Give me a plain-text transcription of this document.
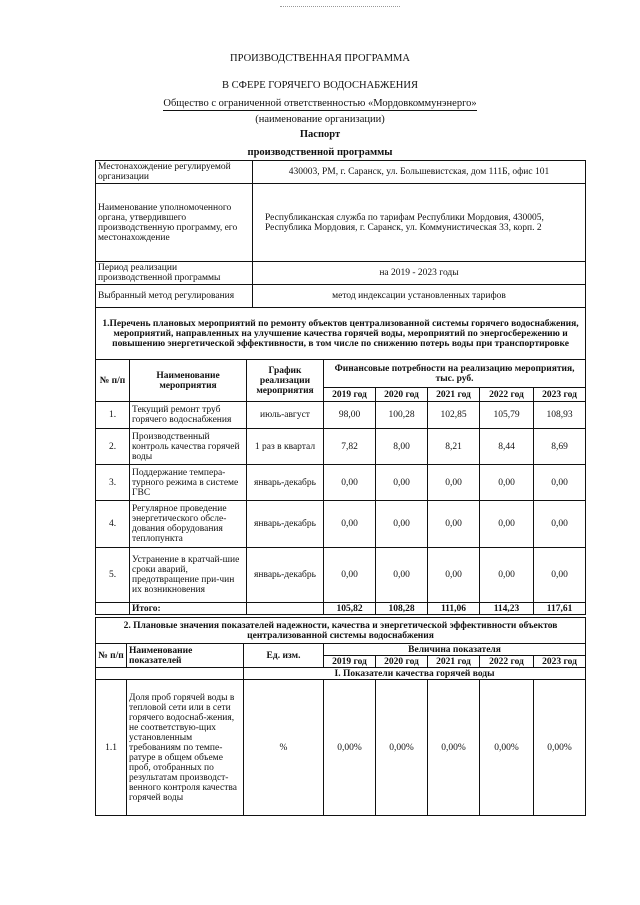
ПРОИЗВОДСТВЕННАЯ ПРОГРАММА
В СФЕРЕ ГОРЯЧЕГО ВОДОСНАБЖЕНИЯ
Общество с ограниченной ответственностью «Мордовкоммунэнерго»
(наименование организации)
Паспорт
производственной программы
Местонахождение регулируемой организации	430003, РМ, г. Саранск, ул. Большевистская, дом 111Б, офис 101
Наименование уполномоченного органа, утвердившего производственную программу, его местонахождение	Республиканская служба по тарифам Республики Мордовия, 430005, Республика Мордовия, г. Саранск, ул. Коммунистическая 33, корп. 2
Период реализации производственной программы	на 2019 - 2023 годы
Выбранный метод регулирования	метод индексации установленных тарифов
1.Перечень плановых мероприятий по ремонту объектов централизованной системы горячего водоснабжения, мероприятий, направленных на улучшение качества горячей воды, мероприятий по энергосбережению и повышению энергетической эффективности, в том числе по снижению потерь воды при транспортировке							
№ п/п	Наименование мероприятия	График реализации мероприятия	Финансовые потребности на реализацию мероприятия, тыс. руб.				
			2019 год	2020 год	2021 год	2022 год	2023 год
1.	Текущий ремонт труб горячего водоснабжения	июль-август	98,00	100,28	102,85	105,79	108,93
2.	Производственный контроль качества горячей воды	1 раз в квартал	7,82	8,00	8,21	8,44	8,69
3.	Поддержание темпера-турного режима в системе ГВС	январь-декабрь	0,00	0,00	0,00	0,00	0,00
4.	Регулярное проведение энергетического обсле-дования оборудования теплопункта	январь-декабрь	0,00	0,00	0,00	0,00	0,00
5.	Устранение в кратчай-шие сроки аварий, предотвращение при-чин их возникновения	январь-декабрь	0,00	0,00	0,00	0,00	0,00
	Итого:		105,82	108,28	111,06	114,23	117,61
2. Плановые значения показателей надежности, качества и энергетической эффективности объектов централизованной системы водоснабжения							
№ п/п	Наименование показателей	Ед. изм.	Величина показателя				
			2019 год	2020 год	2021 год	2022 год	2023 год
		I. Показатели качества горячей воды					
1.1	Доля проб горячей воды в тепловой сети или в сети горячего водоснаб-жения, не соответствую-щих установленным требованиям по темпе-ратуре в общем объеме проб, отобранных по результатам производст-венного контроля качества горячей воды	%	0,00%	0,00%	0,00%	0,00%	0,00%
